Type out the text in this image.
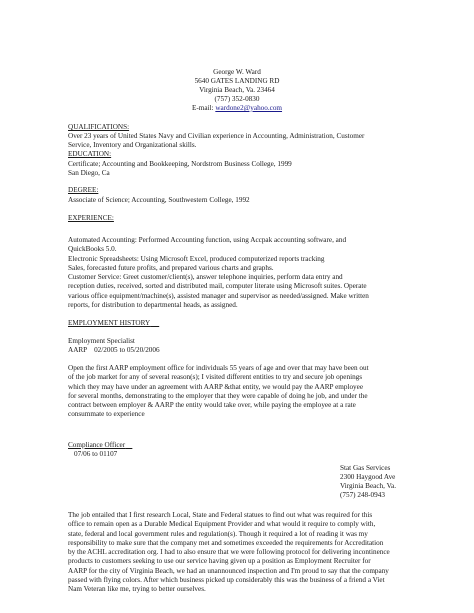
George W. Ward
5640 GATES LANDING RD
Virginia Beach, Va. 23464
(757) 352-0830
E-mail: wardone2@yahoo.com
QUALIFICATIONS:
Over 23 years of United States Navy and Civilian experience in Accounting, Administration, Customer
Service, Inventory and Organizational skills.
EDUCATION:
Certificate; Accounting and Bookkeeping, Nordstrom Business College, 1999
San Diego, Ca
DEGREE:
Associate of Science; Accounting, Southwestern College, 1992
EXPERIENCE:
Automated Accounting: Performed Accounting function, using Accpak accounting software, and
QuickBooks 5.0.
Electronic Spreadsheets: Using Microsoft Excel, produced computerized reports tracking
Sales, forecasted future profits, and prepared various charts and graphs.
Customer Service: Greet customer/client(s), answer telephone inquiries, perform data entry and
reception duties, received, sorted and distributed mail, computer literate using Microsoft suites. Operate
various office equipment/machine(s), assisted manager and supervisor as needed/assigned. Make written
reports, for distribution to departmental heads, as assigned.
EMPLOYMENT HISTORY
Employment Specialist
AARP    02/2005 to 05/20/2006
Open the first AARP employment office for individuals 55 years of age and over that may have been out
of the job market for any of several reason(s); I visited different entities to try and secure job openings
which they may have under an agreement with AARP &that entity, we would pay the AARP employee
for several months, demonstrating to the employer that they were capable of doing he job, and under the
contract between employer & AARP the entity would take over, while paying the employee at a rate
consummate to experience
Compliance Officer
07/06 to 01107
Stat Gas Services
2300 Haygood Ave
Virginia Beach, Va.
(757) 248-0943
The job entailed that I first research Local, State and Federal statues to find out what was required for this
office to remain open as a Durable Medical Equipment Provider and what would it require to comply with,
state, federal and local government rules and regulation(s). Though it required a lot of reading it was my
responsibility to make sure that the company met and sometimes exceeded the requirements for Accreditation
by the ACHL accreditation org. I had to also ensure that we were following protocol for delivering incontinence
products to customers seeking to use our service having given up a position as Employment Recruiter for
AARP for the city of Virginia Beach, we had an unannounced inspection and I'm proud to say that the company
passed with flying colors. After which business picked up considerably this was the business of a friend a Viet
Nam Veteran like me, trying to better ourselves.
